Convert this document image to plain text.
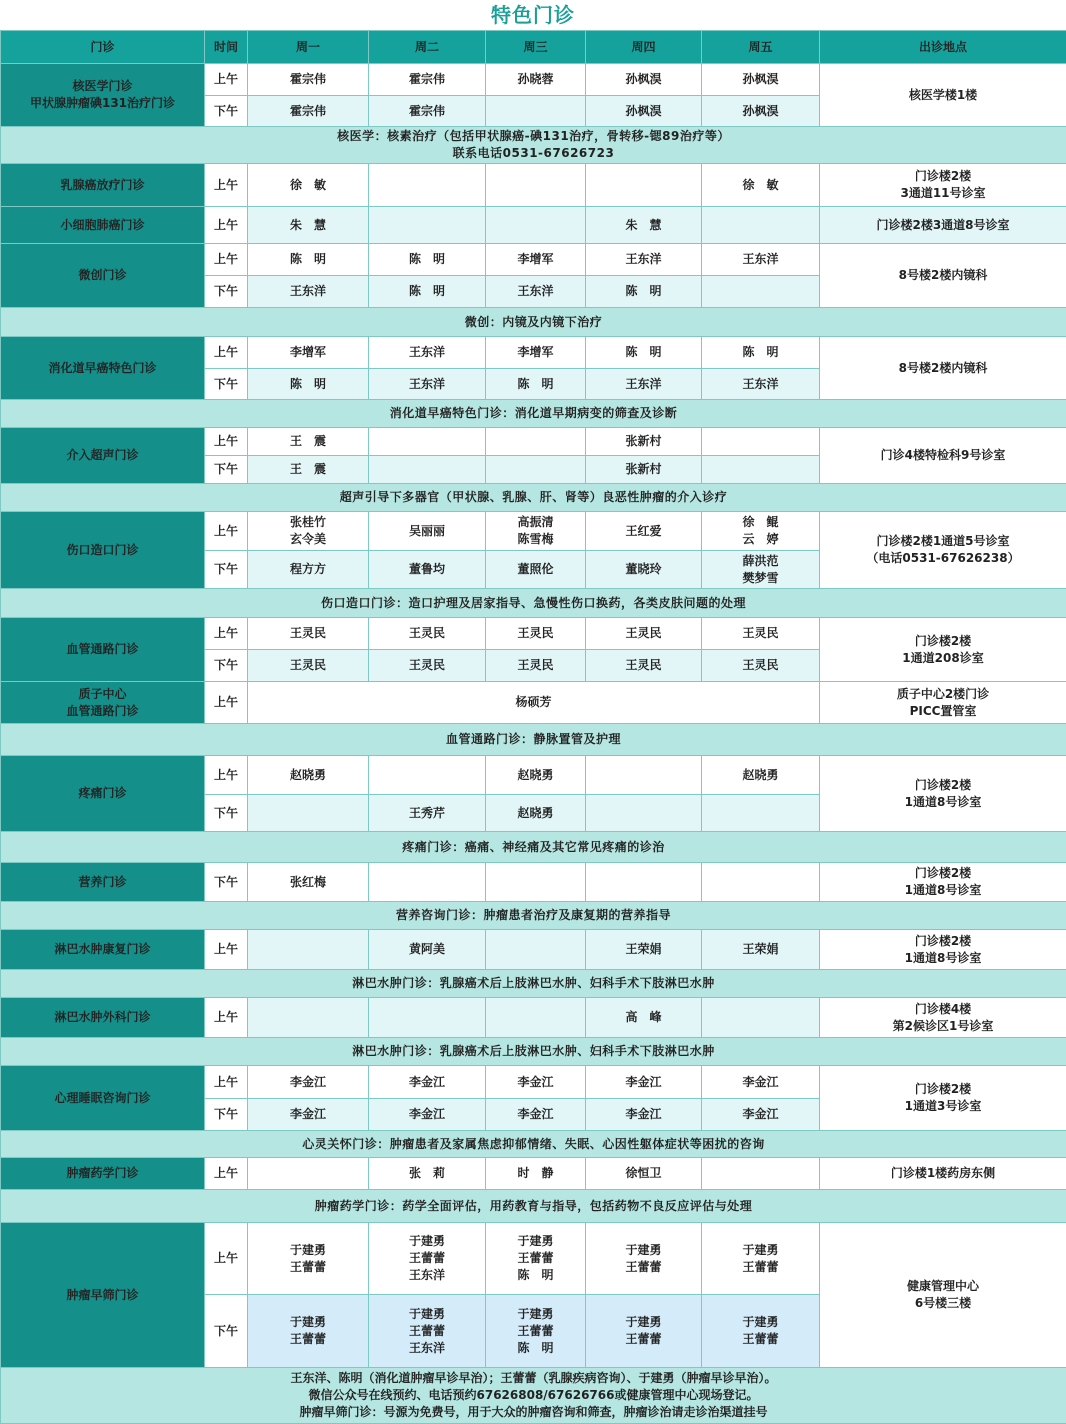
特色门诊
门诊	时间	周一	周二	周三	周四	周五	出诊地点

核医学门诊
甲状腺肿瘤碘131治疗门诊	上午	霍宗伟	霍宗伟	孙晓蓉	孙枫淏	孙枫淏	核医学楼1楼
	下午	霍宗伟	霍宗伟		孙枫淏	孙枫淏	

核医学：核素治疗（包括甲状腺癌-碘131治疗，骨转移-锶89治疗等）
联系电话0531-67626723							

乳腺癌放疗门诊	上午	徐　敏				徐　敏	门诊楼2楼
3通道11号诊室

小细胞肺癌门诊	上午	朱　慧			朱　慧		门诊楼2楼3通道8号诊室
微创门诊	上午	陈　明	陈　明	李增军	王东洋	王东洋	8号楼2楼内镜科
	下午	王东洋	陈　明	王东洋	陈　明		
微创：内镜及内镜下治疗							
消化道早癌特色门诊	上午	李增军	王东洋	李增军	陈　明	陈　明	8号楼2楼内镜科
	下午	陈　明	王东洋	陈　明	王东洋	王东洋	
消化道早癌特色门诊：消化道早期病变的筛查及诊断							
介入超声门诊	上午	王　震			张新村		门诊4楼特检科9号诊室
	下午	王　震			张新村		
超声引导下多器官（甲状腺、乳腺、肝、肾等）良恶性肿瘤的介入诊疗							
伤口造口门诊	上午	张桂竹
玄令美	吴丽丽	高振清
陈雪梅	王红爱	徐　鲲
云　婷	门诊楼2楼1通道5号诊室
（电话0531-67626238）

	下午	程方方	董鲁均	董照伦	董晓玲	薛洪范
樊梦雪	

伤口造口门诊：造口护理及居家指导、急慢性伤口换药，各类皮肤问题的处理							
血管通路门诊	上午	王灵民	王灵民	王灵民	王灵民	王灵民	门诊楼2楼
1通道208诊室

	下午	王灵民	王灵民	王灵民	王灵民	王灵民	

质子中心
血管通路门诊	上午	杨硕芳					质子中心2楼门诊
PICC置管室

血管通路门诊：静脉置管及护理							
疼痛门诊	上午	赵晓勇		赵晓勇		赵晓勇	门诊楼2楼
1通道8号诊室

	下午		王秀芹	赵晓勇			
疼痛门诊：癌痛、神经痛及其它常见疼痛的诊治							
营养门诊	下午	张红梅					门诊楼2楼
1通道8号诊室

营养咨询门诊：肿瘤患者治疗及康复期的营养指导							
淋巴水肿康复门诊	上午		黄阿美		王荣娟	王荣娟	门诊楼2楼
1通道8号诊室

淋巴水肿门诊：乳腺癌术后上肢淋巴水肿、妇科手术下肢淋巴水肿							
淋巴水肿外科门诊	上午				高　峰		门诊楼4楼
第2候诊区1号诊室

淋巴水肿门诊：乳腺癌术后上肢淋巴水肿、妇科手术下肢淋巴水肿							
心理睡眠咨询门诊	上午	李金江	李金江	李金江	李金江	李金江	门诊楼2楼
1通道3号诊室

	下午	李金江	李金江	李金江	李金江	李金江	
心灵关怀门诊：肿瘤患者及家属焦虑抑郁情绪、失眠、心因性躯体症状等困扰的咨询							
肿瘤药学门诊	上午		张　莉	时　静	徐恒卫		门诊楼1楼药房东侧
肿瘤药学门诊：药学全面评估，用药教育与指导，包括药物不良反应评估与处理							
肿瘤早筛门诊	上午	于建勇
王蕾蕾	于建勇
王蕾蕾
王东洋	于建勇
王蕾蕾
陈　明	于建勇
王蕾蕾	于建勇
王蕾蕾	健康管理中心
6号楼三楼

	下午	于建勇
王蕾蕾	于建勇
王蕾蕾
王东洋	于建勇
王蕾蕾
陈　明	于建勇
王蕾蕾	于建勇
王蕾蕾	

王东洋、陈明（消化道肿瘤早诊早治）；王蕾蕾（乳腺疾病咨询）、于建勇（肿瘤早诊早治）。
微信公众号在线预约、电话预约67626808/67626766或健康管理中心现场登记。
肿瘤早筛门诊：号源为免费号，用于大众的肿瘤咨询和筛查，肿瘤诊治请走诊治渠道挂号							
